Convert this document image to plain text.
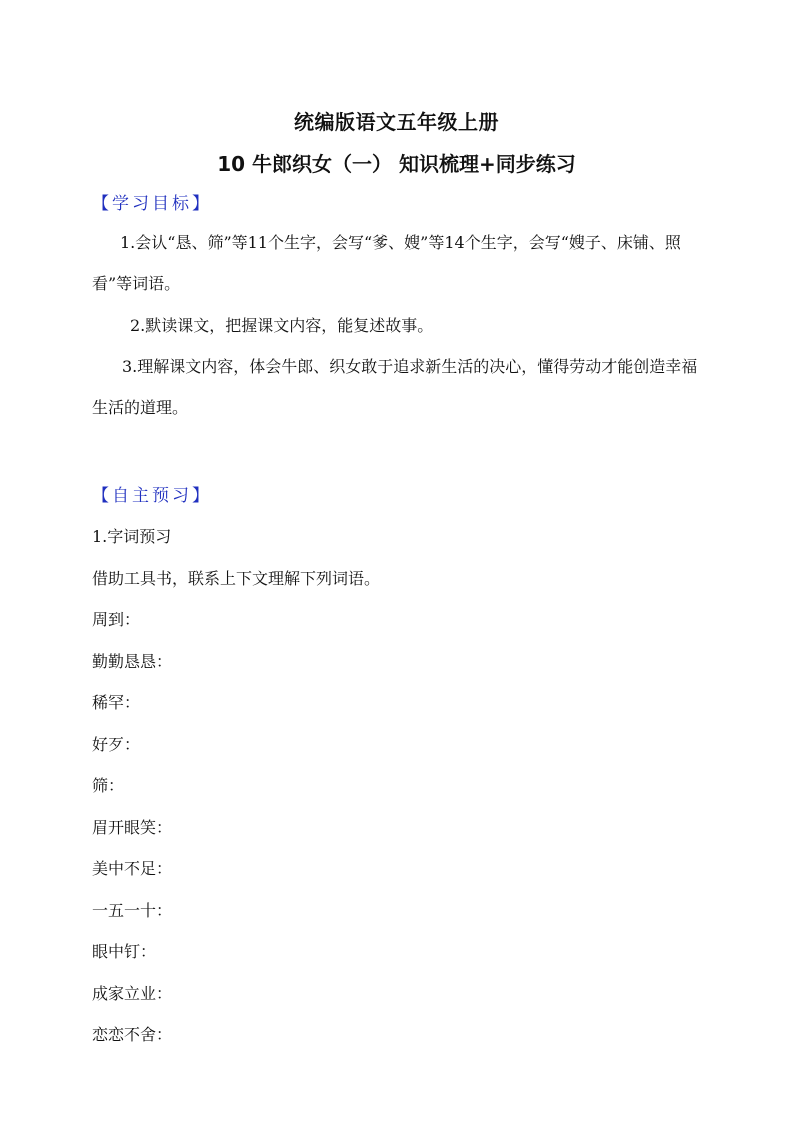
统编版语文五年级上册
10 牛郎织女（一） 知识梳理+同步练习
【学习目标】
1.会认“恳、筛”等11个生字，会写“爹、嫂”等14个生字，会写“嫂子、床铺、照看”等词语。
2.默读课文，把握课文内容，能复述故事。
3.理解课文内容，体会牛郎、织女敢于追求新生活的决心，懂得劳动才能创造幸福生活的道理。
【自主预习】
1.字词预习
借助工具书，联系上下文理解下列词语。
周到：
勤勤恳恳：
稀罕：
好歹：
筛：
眉开眼笑：
美中不足：
一五一十：
眼中钉：
成家立业：
恋恋不舍：
